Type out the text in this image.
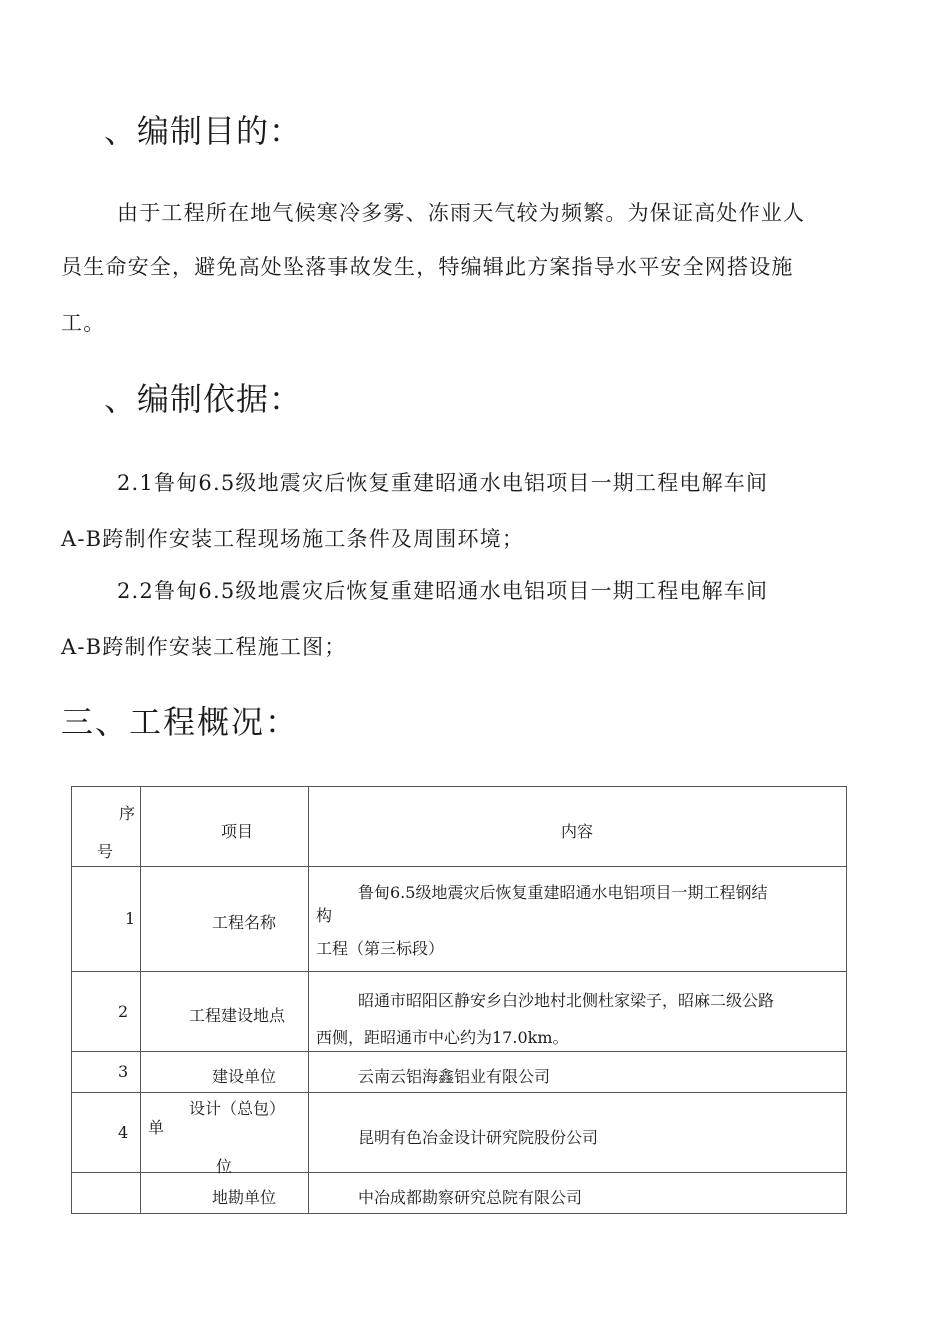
、编制目的：
由于工程所在地气候寒冷多雾、冻雨天气较为频繁。为保证高处作业人
员生命安全，避免高处坠落事故发生，特编辑此方案指导水平安全网搭设施
工。
、编制依据：
2.1鲁甸6.5级地震灾后恢复重建昭通水电铝项目一期工程电解车间
A-B跨制作安装工程现场施工条件及周围环境；
2.2鲁甸6.5级地震灾后恢复重建昭通水电铝项目一期工程电解车间
A-B跨制作安装工程施工图；
三、工程概况：
序
号	项目	内容

1	工程名称	鲁甸6.5级地震灾后恢复重建昭通水电铝项目一期工程钢结
构
工程（第三标段）

2	工程建设地点	昭通市昭阳区静安乡白沙地村北侧杜家梁子，昭麻二级公路
西侧，距昭通市中心约为17.0km。

3	建设单位	云南云铝海鑫铝业有限公司

4	设计（总包）
单
位	昆明有色冶金设计研究院股份公司

	地勘单位	中冶成都勘察研究总院有限公司
